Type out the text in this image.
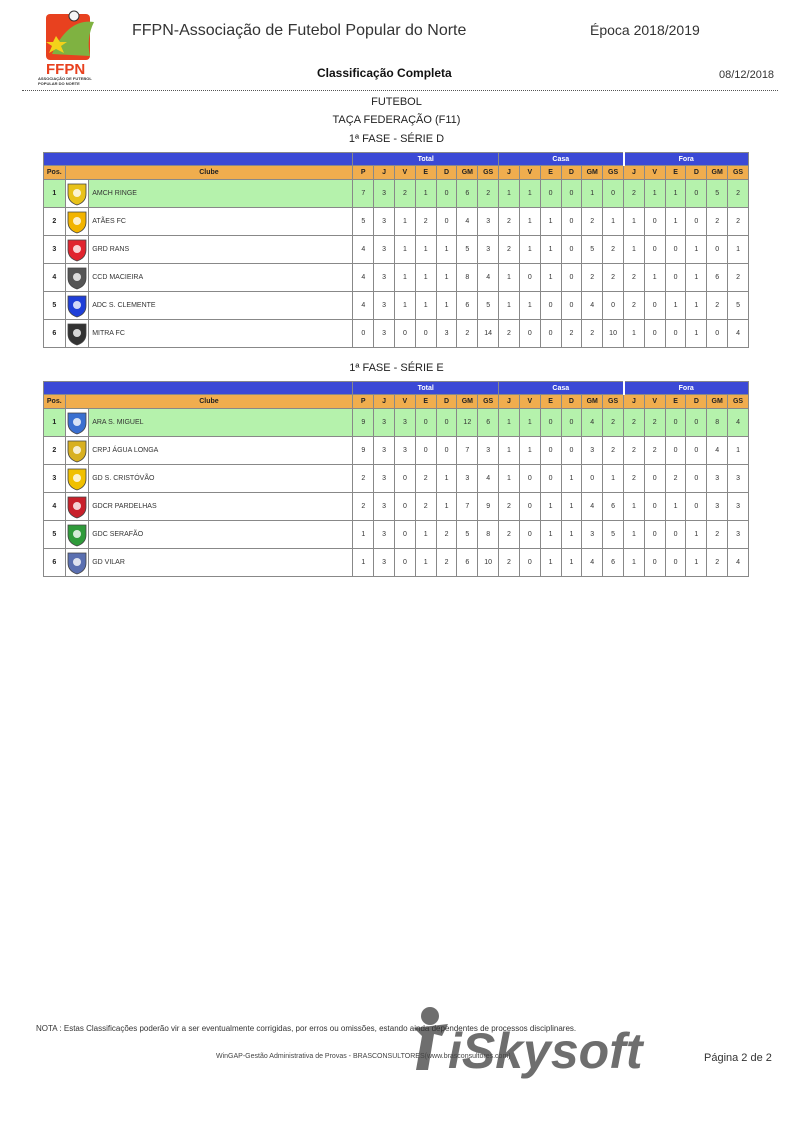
FFPN
ASSOCIAÇÃO DE FUTEBOL POPULAR DO NORTE
FFPN-Associação de Futebol Popular do Norte	Época 2018/2019
Classificação Completa	08/12/2018
FUTEBOL
TAÇA FEDERAÇÃO (F11)
1ª FASE - SÉRIE D
1ª FASE - SÉRIE E
			Total							Casa						Fora					
Pos.	Clube		P	J	V	E	D	GM	GS	J	V	E	D	GM	GS	J	V	E	D	GM	GS
1		AMCH RINGE	7	3	2	1	0	6	2	1	1	0	0	1	0	2	1	1	0	5	2
2		ATÃES FC	5	3	1	2	0	4	3	2	1	1	0	2	1	1	0	1	0	2	2
3		GRD RANS	4	3	1	1	1	5	3	2	1	1	0	5	2	1	0	0	1	0	1
4		CCD MACIEIRA	4	3	1	1	1	8	4	1	0	1	0	2	2	2	1	0	1	6	2
5		ADC S. CLEMENTE	4	3	1	1	1	6	5	1	1	0	0	4	0	2	0	1	1	2	5
6		MITRA FC	0	3	0	0	3	2	14	2	0	0	2	2	10	1	0	0	1	0	4
			Total							Casa						Fora					
Pos.	Clube		P	J	V	E	D	GM	GS	J	V	E	D	GM	GS	J	V	E	D	GM	GS
1		ARA S. MIGUEL	9	3	3	0	0	12	6	1	1	0	0	4	2	2	2	0	0	8	4
2		CRPJ ÁGUA LONGA	9	3	3	0	0	7	3	1	1	0	0	3	2	2	2	0	0	4	1
3		GD S. CRISTÓVÃO	2	3	0	2	1	3	4	1	0	0	1	0	1	2	0	2	0	3	3
4		GDCR PARDELHAS	2	3	0	2	1	7	9	2	0	1	1	4	6	1	0	1	0	3	3
5		GDC SERAFÃO	1	3	0	1	2	5	8	2	0	1	1	3	5	1	0	0	1	2	3
6		GD VILAR	1	3	0	1	2	6	10	2	0	1	1	4	6	1	0	0	1	2	4
iSkysoft
NOTA : Estas Classificações poderão vir a ser eventualmente corrigidas, por erros ou omissões, estando ainda dependentes de processos disciplinares.
WinGAP-Gestão Administrativa de Provas - BRASCONSULTORES(www.brasconsultores.com)	Página 2 de 2
